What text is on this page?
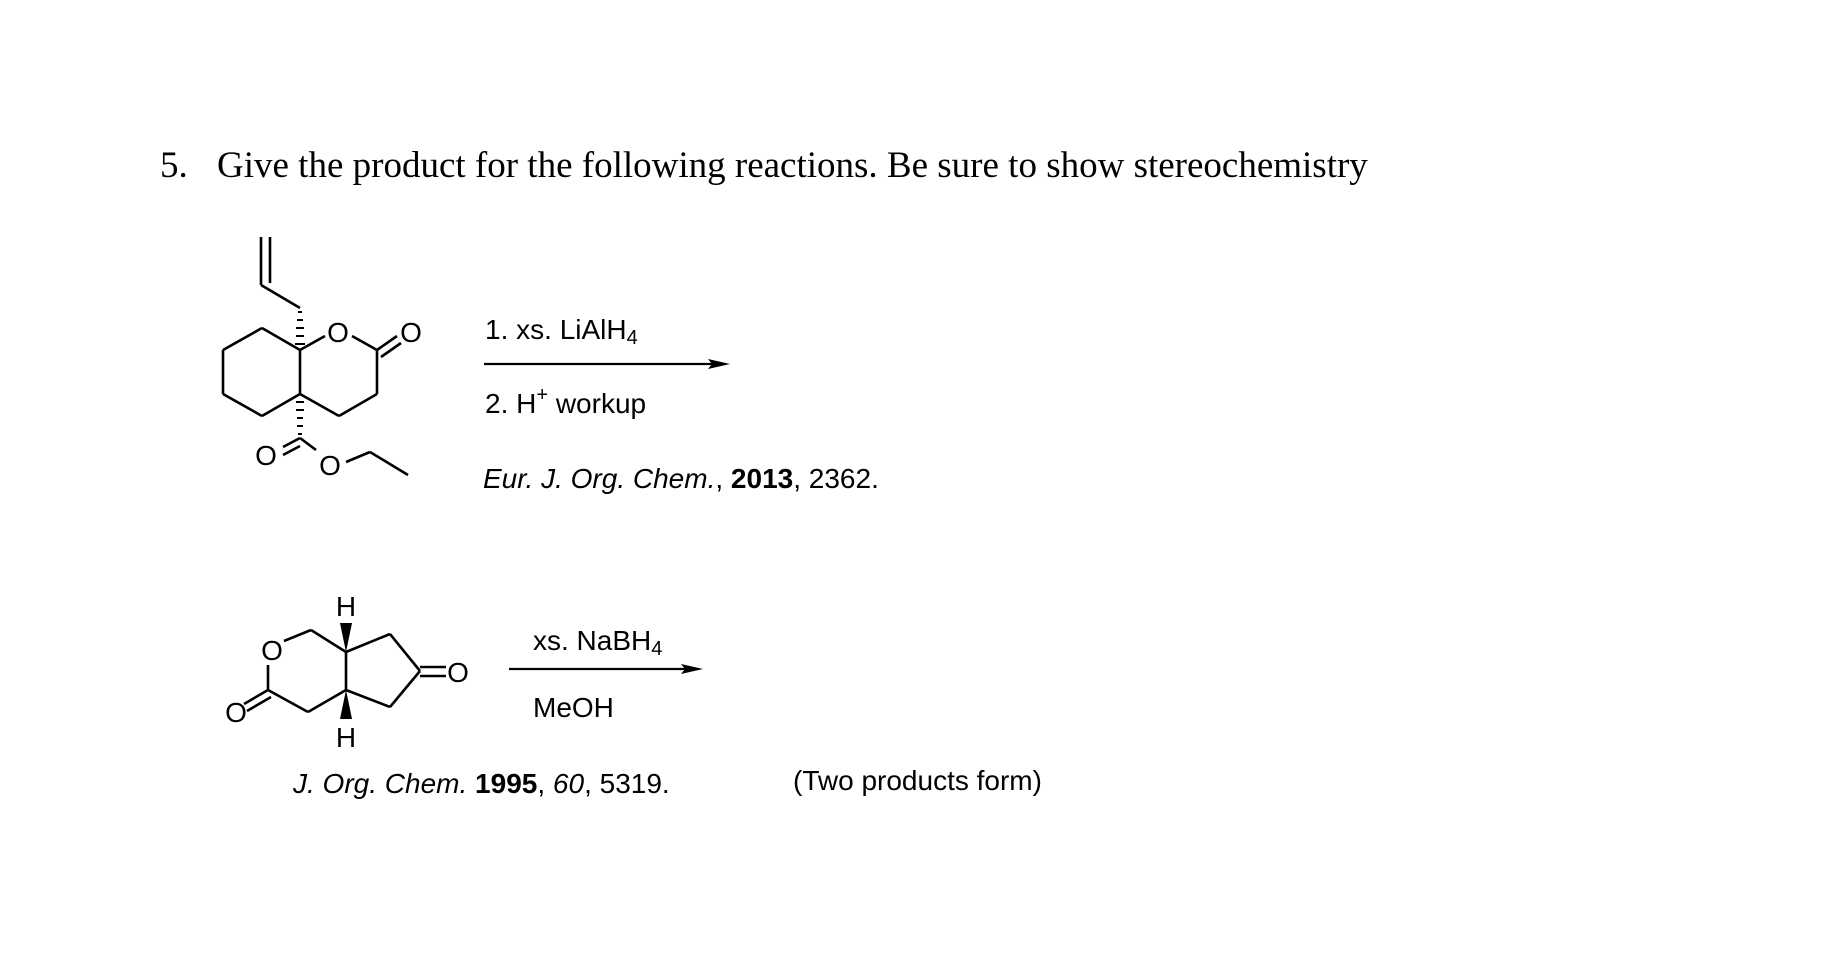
5. Give the product for the following reactions. Be sure to show stereochemistry
O O
O O
H
H
O
O
O
1. xs. LiAlH$_4$
2. H+ workup
Eur. J. Org. Chem., 2013, 2362.
xs. NaBH$_4$
MeOH
J. Org. Chem. 1995, 60, 5319.	(Two products form)
